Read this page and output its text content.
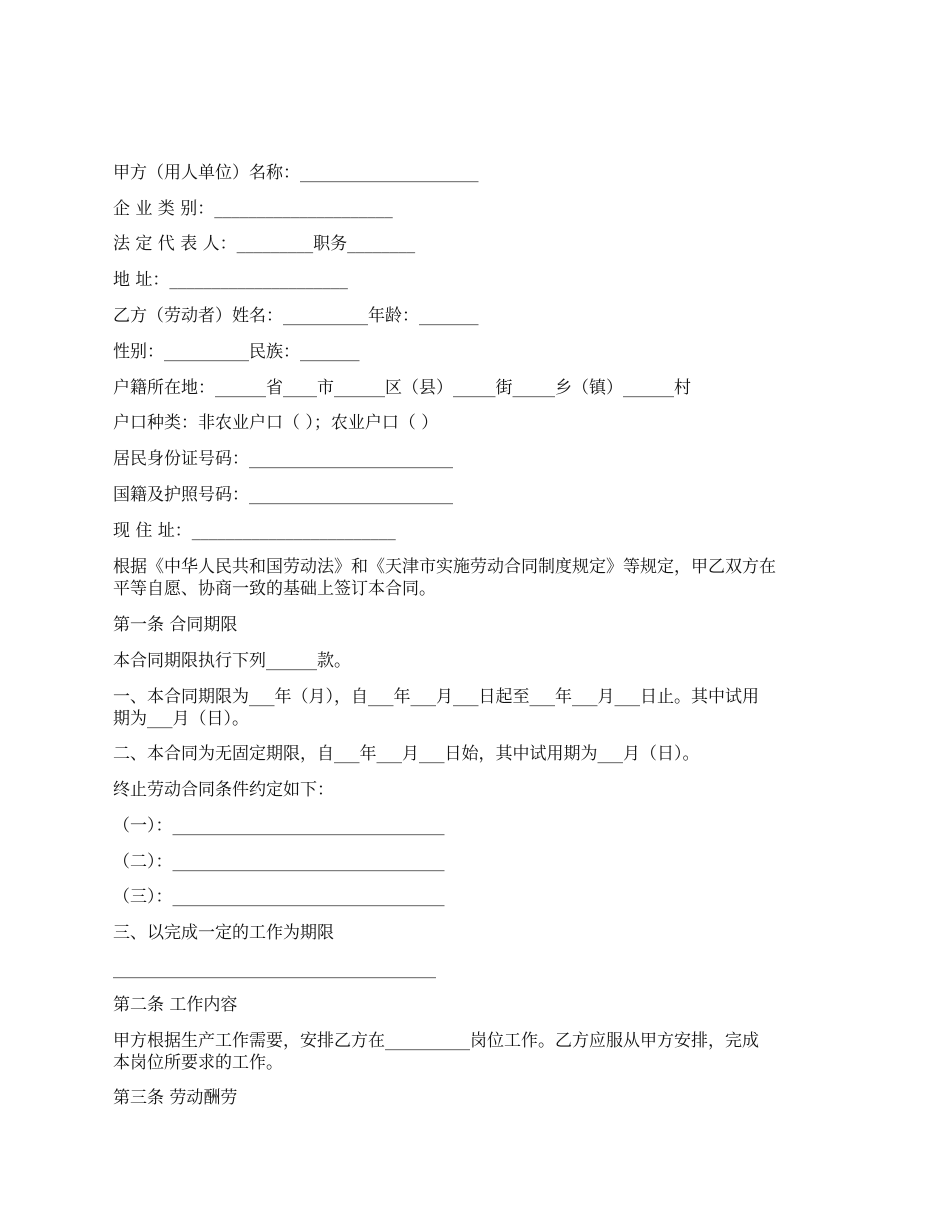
甲方（用人单位）名称：_____________________
企 业 类 别：_____________________
法 定 代 表 人：_________职务________
地 址：_____________________
乙方（劳动者）姓名：__________年龄：_______
性别：__________民族：_______
户籍所在地：______省____市______区（县）_____街_____乡（镇）______村
户口种类：非农业户口（ ）；农业户口（ ）
居民身份证号码：________________________
国籍及护照号码：________________________
现 住 址：________________________
根据《中华人民共和国劳动法》和《天津市实施劳动合同制度规定》等规定，甲乙双方在
平等自愿、协商一致的基础上签订本合同。
第一条 合同期限
本合同期限执行下列______款。
一、本合同期限为___年（月），自___年___月___日起至___年___月___日止。其中试用
期为___月（日）。
二、本合同为无固定期限，自___年___月___日始，其中试用期为___月（日）。
终止劳动合同条件约定如下：
（一）：________________________________
（二）：________________________________
（三）：________________________________
三、以完成一定的工作为期限
______________________________________
第二条 工作内容
甲方根据生产工作需要，安排乙方在__________岗位工作。乙方应服从甲方安排，完成
本岗位所要求的工作。
第三条 劳动酬劳
